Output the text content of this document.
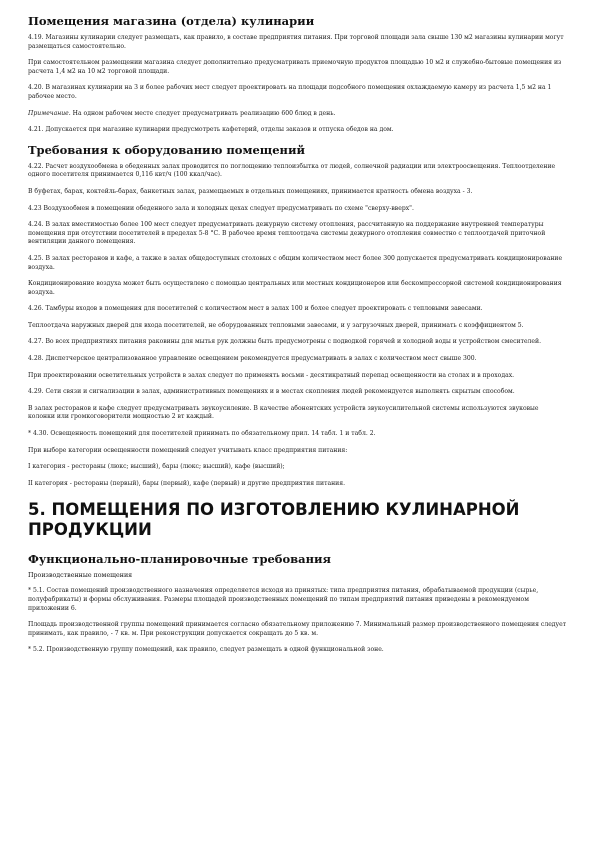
Помещения магазина (отдела) кулинарии

4.19. Магазины кулинарии следует размещать, как правило, в составе предприятия питания. При торговой площади зала свыше 130 м2 магазины кулинарии могут размещаться самостоятельно.

При самостоятельном размещении магазина следует дополнительно предусматривать приемочную продуктов площадью 10 м2 и служебно-бытовые помещения из расчета 1,4 м2 на 10 м2 торговой площади.

4.20. В магазинах кулинарии на 3 и более рабочих мест следует проектировать на площади подсобного помещения охлаждаемую камеру из расчета 1,5 м2 на 1 рабочее место.

Примечание. На одном рабочем месте следует предусматривать реализацию 600 блюд в день.

4.21. Допускается при магазине кулинарии предусмотреть кафетерий, отделы заказов и отпуска обедов на дом.

Требования к оборудованию помещений

4.22. Расчет воздухообмена в обеденных залах проводится по поглощению теплоизбытка от людей, солнечной радиации или электроосвещения. Теплоотделение одного посетителя принимается 0,116 квт/ч (100 ккал/час).

В буфетах, барах, коктейль-барах, банкетных залах, размещаемых в отдельных помещениях, принимается кратность обмена воздуха - 3.

4.23 Воздухообмен в помещении обеденного зала и холодных цехах следует предусматривать по схеме "сверху-вверх".

4.24. В залах вместимостью более 100 мест следует предусматривать дежурную систему отопления, рассчитанную на поддержание внутренней температуры помещения при отсутствии посетителей в пределах 5-8 °С. В рабочее время теплоотдача системы дежурного отопления совместно с теплоотдачей приточной вентиляции данного помещения.

4.25. В залах ресторанов и кафе, а также в залах общедоступных столовых с общим количеством мест более 300 допускается предусматривать кондиционирование воздуха.

Кондиционирование воздуха может быть осуществлено с помощью центральных или местных кондиционеров или бескомпрессорной системой кондиционирования воздуха.

4.26. Тамбуры входов в помещения для посетителей с количеством мест в залах 100 и более следует проектировать с тепловыми завесами.

Теплоотдача наружных дверей для входа посетителей, не оборудованных тепловыми завесами, и у загрузочных дверей, принимать с коэффициентом 5.

4.27. Во всех предприятиях питания раковины для мытья рук должны быть предусмотрены с подводкой горячей и холодной воды и устройством смесителей.

4.28. Диспетчерское централизованное управление освещением рекомендуется предусматривать в залах с количеством мест свыше 300.

При проектировании осветительных устройств в залах следует по применять восьми - десятикратный перепад освещенности на столах и в проходах.

4.29. Сети связи и сигнализации в залах, административных помещениях и в местах скопления людей рекомендуется выполнять скрытым способом.

В залах ресторанов и кафе следует предусматривать звукоусиление. В качестве абонентских устройств звукоусилительной системы используются звуковые колонки или громкоговорители мощностью 2 вт каждый.

* 4.30. Освещенность помещений для посетителей принимать по обязательному прил. 14 табл. 1 и табл. 2.

При выборе категории освещенности помещений следует учитывать класс предприятия питания:

I категория - рестораны (люкс; высший), бары (люкс; высший), кафе (высший);

II категория - рестораны (первый), бары (первый), кафе (первый) и другие предприятия питания.

5. ПОМЕЩЕНИЯ ПО ИЗГОТОВЛЕНИЮ КУЛИНАРНОЙ ПРОДУКЦИИ
Функционально-планировочные требования
Производственные помещения

* 5.1. Состав помещений производственного назначения определяется исходя из принятых: типа предприятия питания, обрабатываемой продукции (сырье, полуфабрикаты) и формы обслуживания. Размеры площадей производственных помещений по типам предприятий питания приведены в рекомендуемом приложении 6.

Площадь производственной группы помещений принимается согласно обязательному приложению 7. Минимальный размер производственного помещения следует принимать, как правило, - 7 кв. м. При реконструкции допускается сокращать до 5 кв. м.

* 5.2. Производственную группу помещений, как правило, следует размещать в одной функциональной зоне.
